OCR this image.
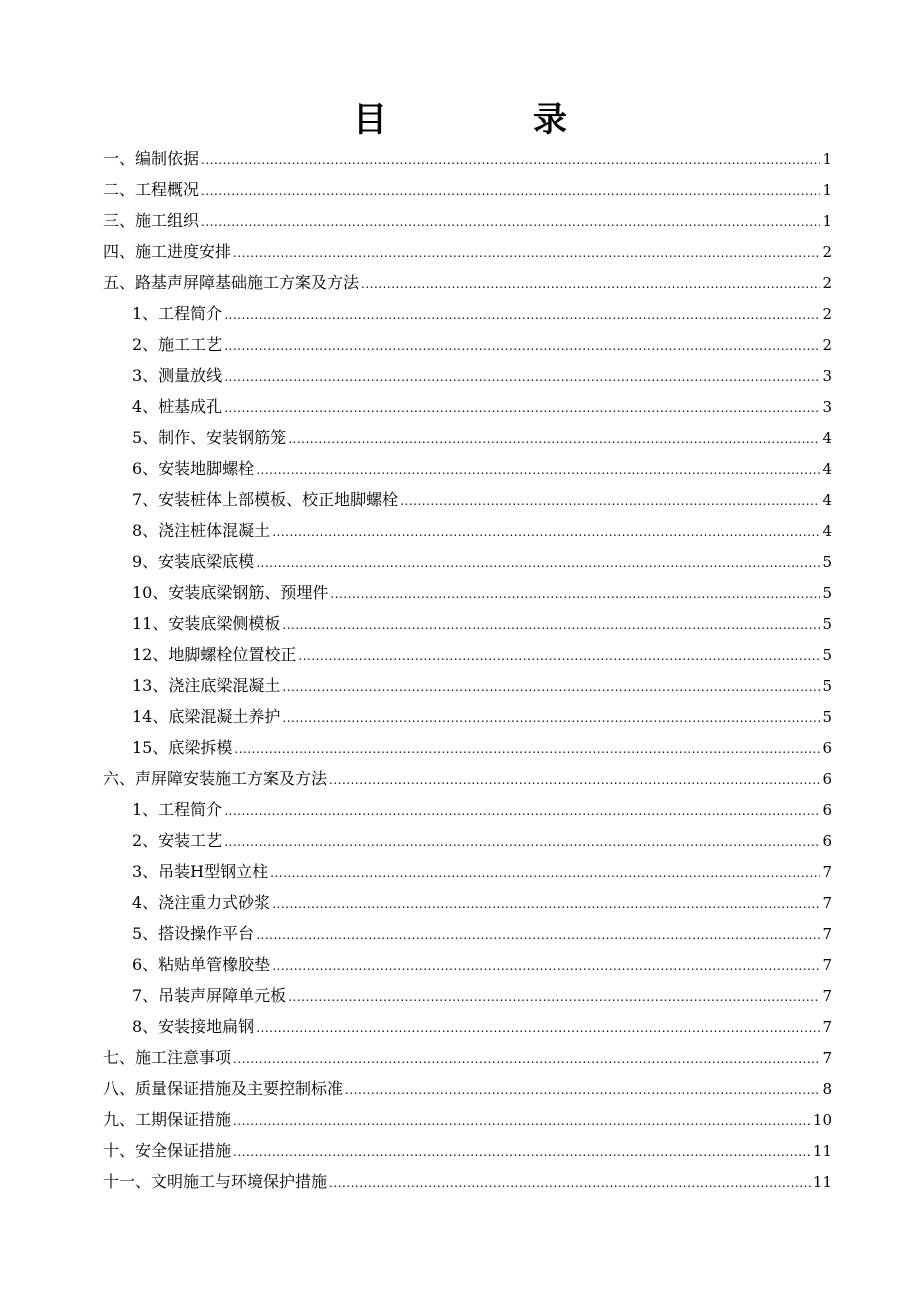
目　录
一、编制依据 .....	1
二、工程概况 .....	1
三、施工组织 .....	1
四、施工进度安排 .....	2
五、路基声屏障基础施工方案及方法 .....	2
1、工程简介 .....	2
2、施工工艺 .....	2
3、测量放线 .....	3
4、桩基成孔 .....	3
5、制作、安装钢筋笼 .....	4
6、安装地脚螺栓 .....	4
7、安装桩体上部模板、校正地脚螺栓 .....	4
8、浇注桩体混凝土 .....	4
9、安装底梁底模 .....	5
10、安装底梁钢筋、预埋件 .....	5
11、安装底梁侧模板 .....	5
12、地脚螺栓位置校正 .....	5
13、浇注底梁混凝土 .....	5
14、底梁混凝土养护 .....	5
15、底梁拆模 .....	6
六、声屏障安装施工方案及方法 .....	6
1、工程简介 .....	6
2、安装工艺 .....	6
3、吊装H型钢立柱 .....	7
4、浇注重力式砂浆 .....	7
5、搭设操作平台 .....	7
6、粘贴单管橡胶垫 .....	7
7、吊装声屏障单元板 .....	7
8、安装接地扁钢 .....	7
七、施工注意事项 .....	7
八、质量保证措施及主要控制标准 .....	8
九、工期保证措施 .....	10
十、安全保证措施 .....	11
十一、文明施工与环境保护措施 .....	11
